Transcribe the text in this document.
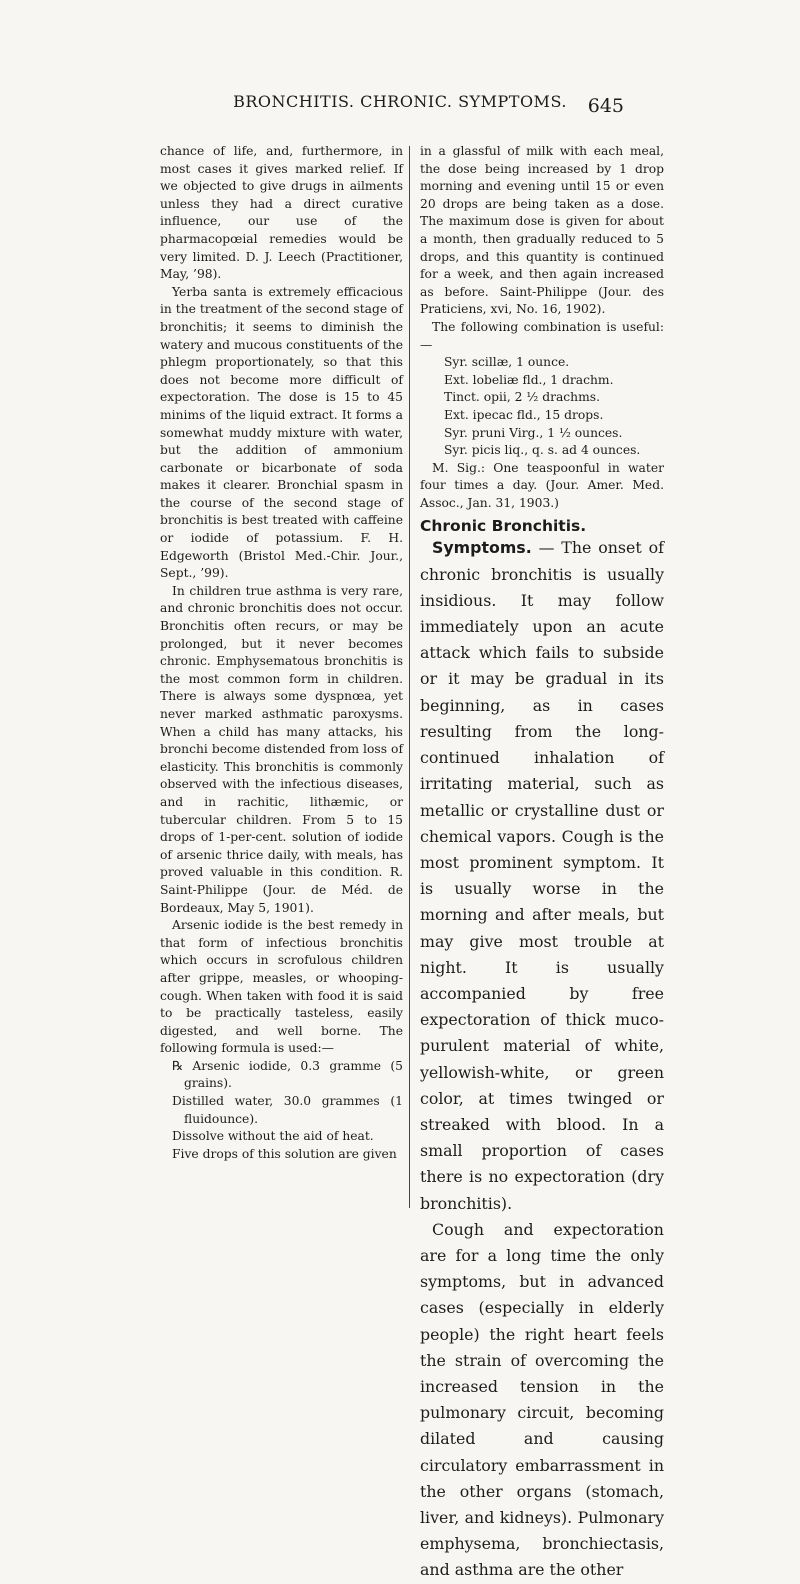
BRONCHITIS. CHRONIC. SYMPTOMS.	645

chance of life, and, furthermore, in most cases it gives marked relief. If we objected to give drugs in ailments unless they had a direct curative influence, our use of the pharmacopœial remedies would be very limited. D. J. Leech (Practitioner, May, ’98).

Yerba santa is extremely efficacious in the treatment of the second stage of bronchitis; it seems to diminish the watery and mucous constituents of the phlegm proportionately, so that this does not become more difficult of expectoration. The dose is 15 to 45 minims of the liquid extract. It forms a somewhat muddy mixture with water, but the addition of ammonium carbonate or bicarbonate of soda makes it clearer. Bronchial spasm in the course of the second stage of bronchitis is best treated with caffeine or iodide of potassium. F. H. Edgeworth (Bristol Med.-Chir. Jour., Sept., ’99).

In children true asthma is very rare, and chronic bronchitis does not occur. Bronchitis often recurs, or may be prolonged, but it never becomes chronic. Emphysematous bronchitis is the most common form in children. There is always some dyspnœa, yet never marked asthmatic paroxysms. When a child has many attacks, his bronchi become distended from loss of elasticity. This bronchitis is commonly observed with the infectious diseases, and in rachitic, lithæmic, or tubercular children. From 5 to 15 drops of 1-per-cent. solution of iodide of arsenic thrice daily, with meals, has proved valuable in this condition. R. Saint-Philippe (Jour. de Méd. de Bordeaux, May 5, 1901).

Arsenic iodide is the best remedy in that form of infectious bronchitis which occurs in scrofulous children after grippe, measles, or whooping-cough. When taken with food it is said to be practically tasteless, easily digested, and well borne. The following formula is used:—

℞ Arsenic iodide, 0.3 gramme (5 grains).

Distilled water, 30.0 grammes (1 fluidounce).

Dissolve without the aid of heat.

Five drops of this solution are given

in a glassful of milk with each meal, the dose being increased by 1 drop morning and evening until 15 or even 20 drops are being taken as a dose. The maximum dose is given for about a month, then gradually reduced to 5 drops, and this quantity is continued for a week, and then again increased as before. Saint-Philippe (Jour. des Praticiens, xvi, No. 16, 1902).

The following combination is useful:—

Syr. scillæ, 1 ounce.

Ext. lobeliæ fld., 1 drachm.

Tinct. opii, 2 ½ drachms.

Ext. ipecac fld., 15 drops.

Syr. pruni Virg., 1 ½ ounces.

Syr. picis liq., q. s. ad 4 ounces.

M. Sig.: One teaspoonful in water four times a day. (Jour. Amer. Med. Assoc., Jan. 31, 1903.)

Chronic Bronchitis.

Symptoms. — The onset of chronic bronchitis is usually insidious. It may follow immediately upon an acute attack which fails to subside or it may be gradual in its beginning, as in cases resulting from the long-continued inhalation of irritating material, such as metallic or crystalline dust or chemical vapors. Cough is the most prominent symptom. It is usually worse in the morning and after meals, but may give most trouble at night. It is usually accompanied by free expectoration of thick muco-purulent material of white, yellowish-white, or green color, at times twinged or streaked with blood. In a small proportion of cases there is no expectoration (dry bronchitis).

Cough and expectoration are for a long time the only symptoms, but in advanced cases (especially in elderly people) the right heart feels the strain of overcoming the increased tension in the pulmonary circuit, becoming dilated and causing circulatory embarrassment in the other organs (stomach, liver, and kidneys). Pulmonary emphysema, bronchiectasis, and asthma are the other
